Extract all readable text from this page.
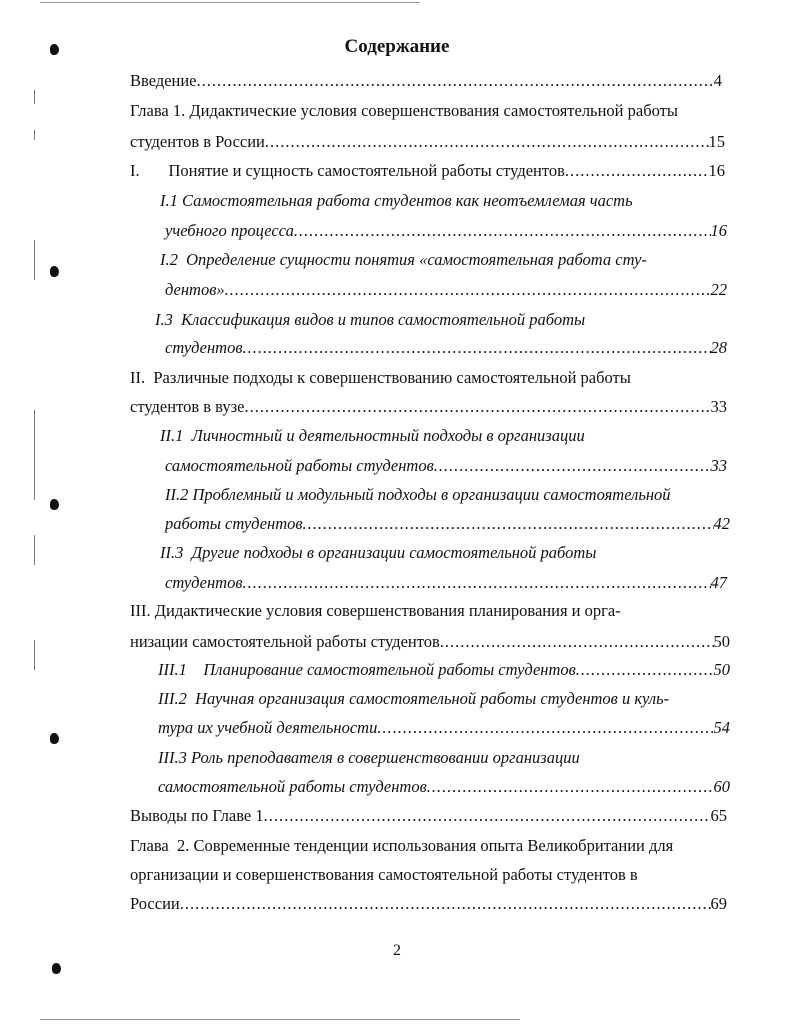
Содержание
Введение .....	4
Глава 1. Дидактические условия совершенствования самостоятельной работы
студентов в России .....	15
I.       Понятие и сущность самостоятельной работы студентов .....	16
I.1 Самостоятельная работа студентов как неотъемлемая часть
учебного процесса .....	16
I.2  Определение сущности понятия «самостоятельная работа сту-
дентов» .....	22
I.3  Классификация видов и типов самостоятельной работы
студентов .....	28
II.  Различные подходы к совершенствованию самостоятельной работы
студентов в вузе .....	33
II.1  Личностный и деятельностный подходы в организации
самостоятельной работы студентов .....	33
II.2 Проблемный и модульный подходы в организации самостоятельной
работы студентов .....	42
II.3  Другие подходы в организации самостоятельной работы
студентов .....	47
III. Дидактические условия совершенствования планирования и орга-
низации самостоятельной работы студентов .....	50
III.1    Планирование самостоятельной работы студентов .....	50
III.2  Научная организация самостоятельной работы студентов и куль-
тура их учебной деятельности .....	54
III.3 Роль преподавателя в совершенствовании организации
самостоятельной работы студентов .....	60
Выводы по Главе 1 .....	65
Глава  2. Современные тенденции использования опыта Великобритании для
организации и совершенствования самостоятельной работы студентов в
России .....	69
2
